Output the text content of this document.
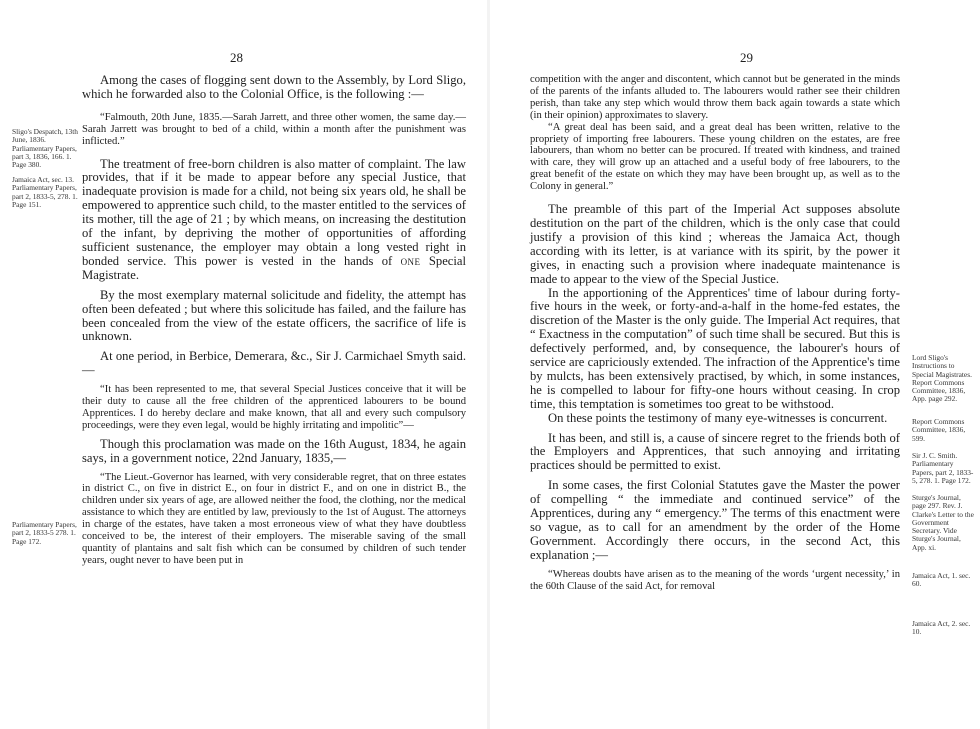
28
Sligo's Despatch, 13th June, 1836. Parliamentary Papers, part 3, 1836, 166. 1. Page 380.
Jamaica Act, sec. 13. Parliamentary Papers, part 2, 1833-5, 278. 1. Page 151.
Parliamentary Papers, part 2, 1833-5 278. 1. Page 172.

Among the cases of flogging sent down to the Assembly, by Lord Sligo, which he forwarded also to the Colonial Office, is the following :—

“Falmouth, 20th June, 1835.—Sarah Jarrett, and three other women, the same day.—Sarah Jarrett was brought to bed of a child, within a month after the punishment was inflicted.”

The treatment of free-born children is also matter of complaint. The law provides, that if it be made to appear before any special Justice, that inadequate provision is made for a child, not being six years old, he shall be empowered to apprentice such child, to the master entitled to the services of its mother, till the age of 21 ; by which means, on increasing the destitution of the infant, by depriving the mother of opportunities of affording sufficient sustenance, the employer may obtain a long vested right in bonded service. This power is vested in the hands of one Special Magistrate.

By the most exemplary maternal solicitude and fidelity, the attempt has often been defeated ; but where this solicitude has failed, and the failure has been concealed from the view of the estate officers, the sacrifice of life is unknown.

At one period, in Berbice, Demerara, &c., Sir J. Carmichael Smyth said.—

“It has been represented to me, that several Special Justices conceive that it will be their duty to cause all the free children of the apprenticed labourers to be bound Apprentices. I do hereby declare and make known, that all and every such compulsory proceedings, were they even legal, would be highly irritating and impolitic”—

Though this proclamation was made on the 16th August, 1834, he again says, in a government notice, 22nd January, 1835,—

“The Lieut.-Governor has learned, with very considerable regret, that on three estates in district C., on five in district E., on four in district F., and on one in district B., the children under six years of age, are allowed neither the food, the clothing, nor the medical assistance to which they are entitled by law, previously to the 1st of August. The attorneys in charge of the estates, have taken a most erroneous view of what they have doubtless conceived to be, the interest of their employers. The miserable saving of the small quantity of plantains and salt fish which can be consumed by children of such tender years, ought never to have been put in

29
Lord Sligo's Instructions to Special Magistrates. Report Commons Committee, 1836, App. page 292.
Report Commons Committee, 1836, 599.
Sir J. C. Smith. Parliamentary Papers, part 2, 1833-5, 278. 1. Page 172.
Sturge's Journal, page 297. Rev. J. Clarke's Letter to the Government Secretary. Vide Sturge's Journal, App. xi.
Jamaica Act, 1. sec. 60.
Jamaica Act, 2. sec. 10.

competition with the anger and discontent, which cannot but be generated in the minds of the parents of the infants alluded to. The labourers would rather see their children perish, than take any step which would throw them back again towards a state which (in their opinion) approximates to slavery.

“A great deal has been said, and a great deal has been written, relative to the propriety of importing free labourers. These young children on the estates, are free labourers, than whom no better can be procured. If treated with kindness, and trained with care, they will grow up an attached and a useful body of free labourers, to the great benefit of the estate on which they may have been brought up, as well as to the Colony in general.”

The preamble of this part of the Imperial Act supposes absolute destitution on the part of the children, which is the only case that could justify a provision of this kind ; whereas the Jamaica Act, though according with its letter, is at variance with its spirit, by the power it gives, in enacting such a provision where inadequate maintenance is made to appear to the view of the Special Justice.

In the apportioning of the Apprentices' time of labour during forty-five hours in the week, or forty-and-a-half in the home-fed estates, the discretion of the Master is the only guide. The Imperial Act requires, that “ Exactness in the computation” of such time shall be secured. But this is defectively performed, and, by consequence, the labourer's hours of service are capriciously extended. The infraction of the Apprentice's time by mulcts, has been extensively practised, by which, in some instances, he is compelled to labour for fifty-one hours without ceasing. In crop time, this temptation is sometimes too great to be withstood.

On these points the testimony of many eye-witnesses is concurrent.

It has been, and still is, a cause of sincere regret to the friends both of the Employers and Apprentices, that such annoying and irritating practices should be permitted to exist.

In some cases, the first Colonial Statutes gave the Master the power of compelling “ the immediate and continued service” of the Apprentices, during any “ emergency.” The terms of this enactment were so vague, as to call for an amendment by the order of the Home Government. Accordingly there occurs, in the second Act, this explanation ;—

“Whereas doubts have arisen as to the meaning of the words ‘urgent necessity,’ in the 60th Clause of the said Act, for removal
